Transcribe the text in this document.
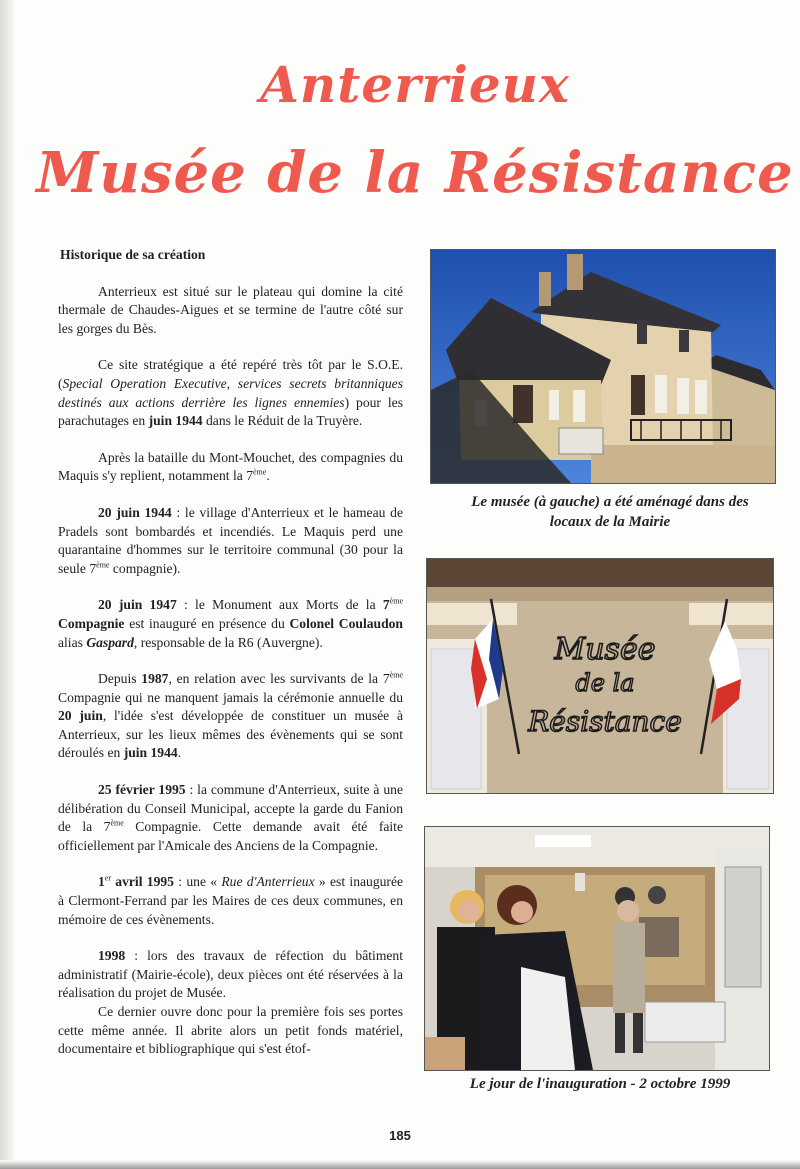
Anterrieux
Musée de la Résistance
Historique de sa création

Anterrieux est situé sur le plateau qui domine la cité thermale de Chaudes-Aigues et se termine de l'autre côté sur les gorges du Bès.

Ce site stratégique a été repéré très tôt par le S.O.E. (Special Operation Executive, services secrets britanniques destinés aux actions derrière les lignes ennemies) pour les parachutages en juin 1944 dans le Réduit de la Truyère.

Après la bataille du Mont-Mouchet, des compagnies du Maquis s'y replient, notamment la 7ème.

20 juin 1944 : le village d'Anterrieux et le hameau de Pradels sont bombardés et incendiés. Le Maquis perd une quarantaine d'hommes sur le territoire communal (30 pour la seule 7ème compagnie).

20 juin 1947 : le Monument aux Morts de la 7ème Compagnie est inauguré en présence du Colonel Coulaudon alias Gaspard, responsable de la R6 (Auvergne).

Depuis 1987, en relation avec les survivants de la 7ème Compagnie qui ne manquent jamais la cérémonie annuelle du 20 juin, l'idée s'est développée de constituer un musée à Anterrieux, sur les lieux mêmes des évènements qui se sont déroulés en juin 1944.

25 février 1995 : la commune d'Anterrieux, suite à une délibération du Conseil Municipal, accepte la garde du Fanion de la 7ème Compagnie. Cette demande avait été faite officiellement par l'Amicale des Anciens de la Compagnie.

1er avril 1995 : une « Rue d'Anterrieux » est inaugurée à Clermont-Ferrand par les Maires de ces deux communes, en mémoire de ces évènements.

1998 : lors des travaux de réfection du bâtiment administratif (Mairie-école), deux pièces ont été réservées à la réalisation du projet de Musée.

Ce dernier ouvre donc pour la première fois ses portes cette même année. Il abrite alors un petit fonds matériel, documentaire et bibliographique qui s'est étof-

Le musée (à gauche) a été aménagé dans des locaux de la Mairie
Musée
de la
Résistance
Le jour de l'inauguration - 2 octobre 1999
185
